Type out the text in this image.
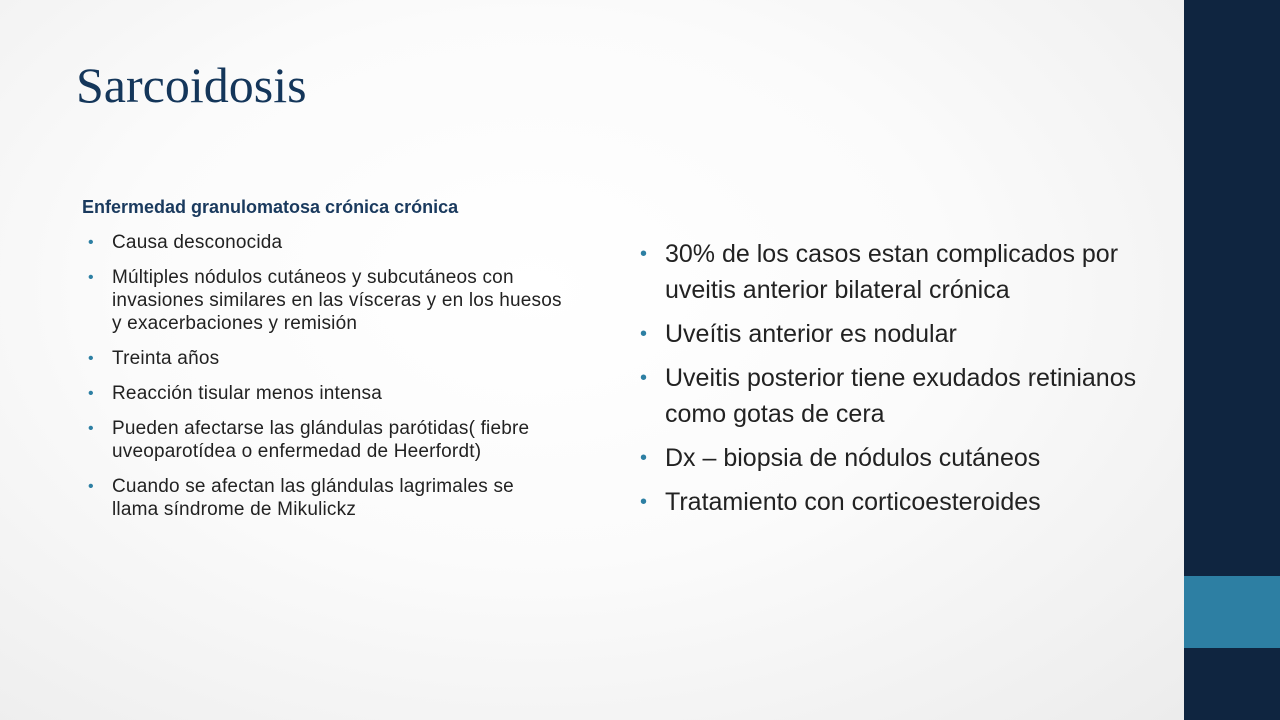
Sarcoidosis

Enfermedad granulomatosa crónica crónica

• Causa desconocida
• Múltiples nódulos cutáneos y subcutáneos con invasiones similares en las vísceras y en los huesos y exacerbaciones y remisión
• Treinta años
• Reacción tisular menos intensa
• Pueden afectarse las glándulas parótidas( fiebre uveoparotídea o enfermedad de Heerfordt)
• Cuando se afectan las glándulas lagrimales se llama síndrome de Mikulickz
• 30% de los casos estan complicados por uveitis anterior bilateral crónica
• Uveítis anterior es nodular
• Uveitis posterior tiene exudados retinianos como gotas de cera
• Dx – biopsia de nódulos cutáneos
• Tratamiento con corticoesteroides
